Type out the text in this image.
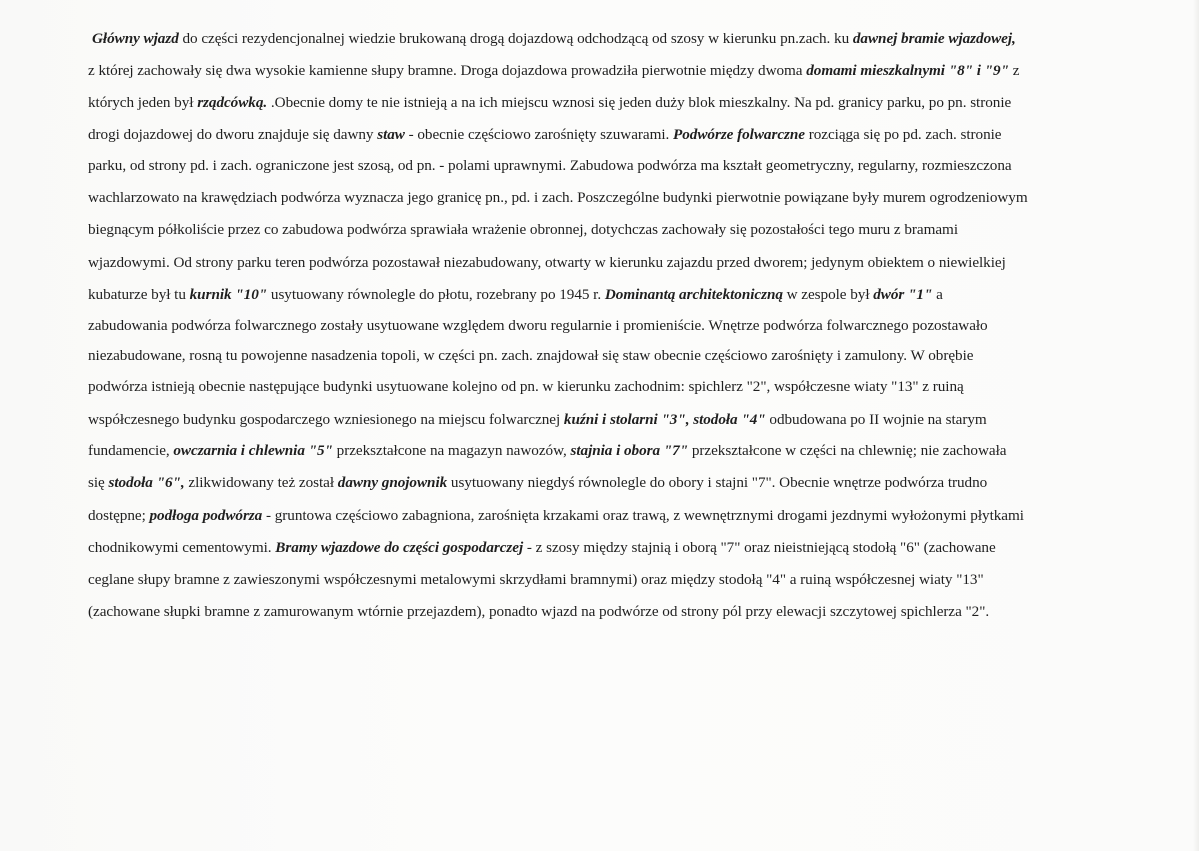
Główny wjazd do części rezydencjonalnej wiedzie brukowaną drogą dojazdową odchodzącą od szosy w kierunku pn.zach. ku dawnej bramie wjazdowej,
z której zachowały się dwa wysokie kamienne słupy bramne. Droga dojazdowa prowadziła pierwotnie między dwoma domami mieszkalnymi "8" i "9" z
których jeden był rządcówką. .Obecnie domy te nie istnieją a na ich miejscu wznosi się jeden duży blok mieszkalny. Na pd. granicy parku, po pn. stronie
drogi dojazdowej do dworu znajduje się dawny staw - obecnie częściowo zarośnięty szuwarami. Podwórze folwarczne rozciąga się po pd. zach. stronie
parku, od strony pd. i zach. ograniczone jest szosą, od pn. - polami uprawnymi. Zabudowa podwórza ma kształt geometryczny, regularny, rozmieszczona
wachlarzowato na krawędziach podwórza wyznacza jego granicę pn., pd. i zach. Poszczególne budynki pierwotnie powiązane były murem ogrodzeniowym
biegnącym półkoliście przez co zabudowa podwórza sprawiała wrażenie obronnej, dotychczas zachowały się pozostałości tego muru z bramami
wjazdowymi. Od strony parku teren podwórza pozostawał niezabudowany, otwarty w kierunku zajazdu przed dworem; jedynym obiektem o niewielkiej
kubaturze był tu kurnik "10" usytuowany równolegle do płotu, rozebrany po 1945 r. Dominantą architektoniczną w zespole był dwór "1" a
zabudowania podwórza folwarcznego zostały usytuowane względem dworu regularnie i promieniście. Wnętrze podwórza folwarcznego pozostawało
niezabudowane, rosną tu powojenne nasadzenia topoli, w części pn. zach. znajdował się staw obecnie częściowo zarośnięty i zamulony. W obrębie
podwórza istnieją obecnie następujące budynki usytuowane kolejno od pn. w kierunku zachodnim: spichlerz "2", współczesne wiaty "13" z ruiną
współczesnego budynku gospodarczego wzniesionego na miejscu folwarcznej kuźni i stolarni "3", stodoła "4" odbudowana po II wojnie na starym
fundamencie, owczarnia i chlewnia "5" przekształcone na magazyn nawozów, stajnia i obora "7" przekształcone w części na chlewnię; nie zachowała
się stodoła "6", zlikwidowany też został dawny gnojownik usytuowany niegdyś równolegle do obory i stajni "7". Obecnie wnętrze podwórza trudno
dostępne; podłoga podwórza - gruntowa częściowo zabagniona, zarośnięta krzakami oraz trawą, z wewnętrznymi drogami jezdnymi wyłożonymi płytkami
chodnikowymi cementowymi. Bramy wjazdowe do części gospodarczej - z szosy między stajnią i oborą "7" oraz nieistniejącą stodołą "6" (zachowane
ceglane słupy bramne z zawieszonymi współczesnymi metalowymi skrzydłami bramnymi) oraz między stodołą "4" a ruiną współczesnej wiaty "13"
(zachowane słupki bramne z zamurowanym wtórnie przejazdem), ponadto wjazd na podwórze od strony pól przy elewacji szczytowej spichlerza "2".
